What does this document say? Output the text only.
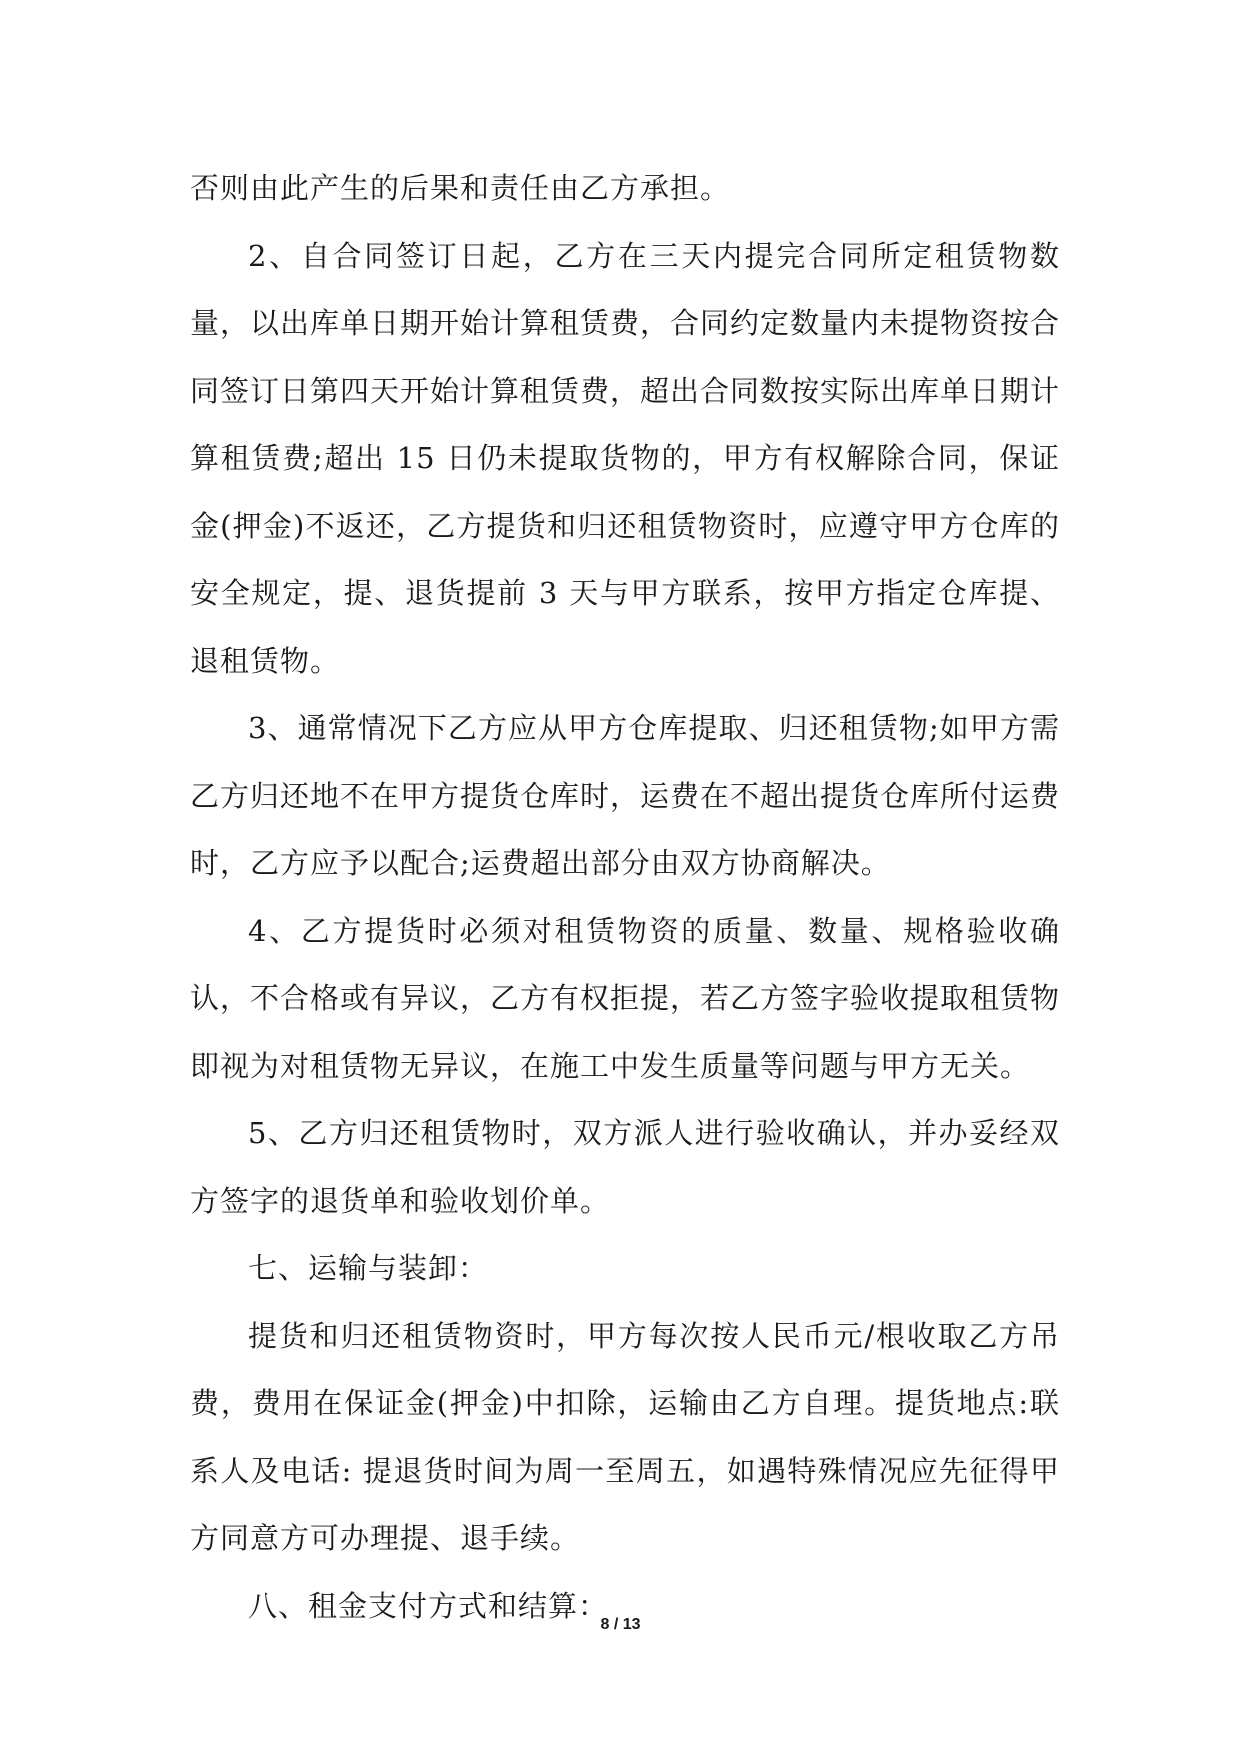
否则由此产生的后果和责任由乙方承担。

2、自合同签订日起，乙方在三天内提完合同所定租赁物数量，以出库单日期开始计算租赁费，合同约定数量内未提物资按合同签订日第四天开始计算租赁费，超出合同数按实际出库单日期计算租赁费;超出 15 日仍未提取货物的，甲方有权解除合同，保证金(押金)不返还，乙方提货和归还租赁物资时，应遵守甲方仓库的安全规定，提、退货提前 3 天与甲方联系，按甲方指定仓库提、退租赁物。

3、通常情况下乙方应从甲方仓库提取、归还租赁物;如甲方需乙方归还地不在甲方提货仓库时，运费在不超出提货仓库所付运费时，乙方应予以配合;运费超出部分由双方协商解决。

4、乙方提货时必须对租赁物资的质量、数量、规格验收确认，不合格或有异议，乙方有权拒提，若乙方签字验收提取租赁物即视为对租赁物无异议，在施工中发生质量等问题与甲方无关。

5、乙方归还租赁物时，双方派人进行验收确认，并办妥经双方签字的退货单和验收划价单。

七、运输与装卸：

提货和归还租赁物资时，甲方每次按人民币元/根收取乙方吊费，费用在保证金(押金)中扣除，运输由乙方自理。提货地点:联系人及电话: 提退货时间为周一至周五，如遇特殊情况应先征得甲方同意方可办理提、退手续。

八、租金支付方式和结算：

8 / 13
